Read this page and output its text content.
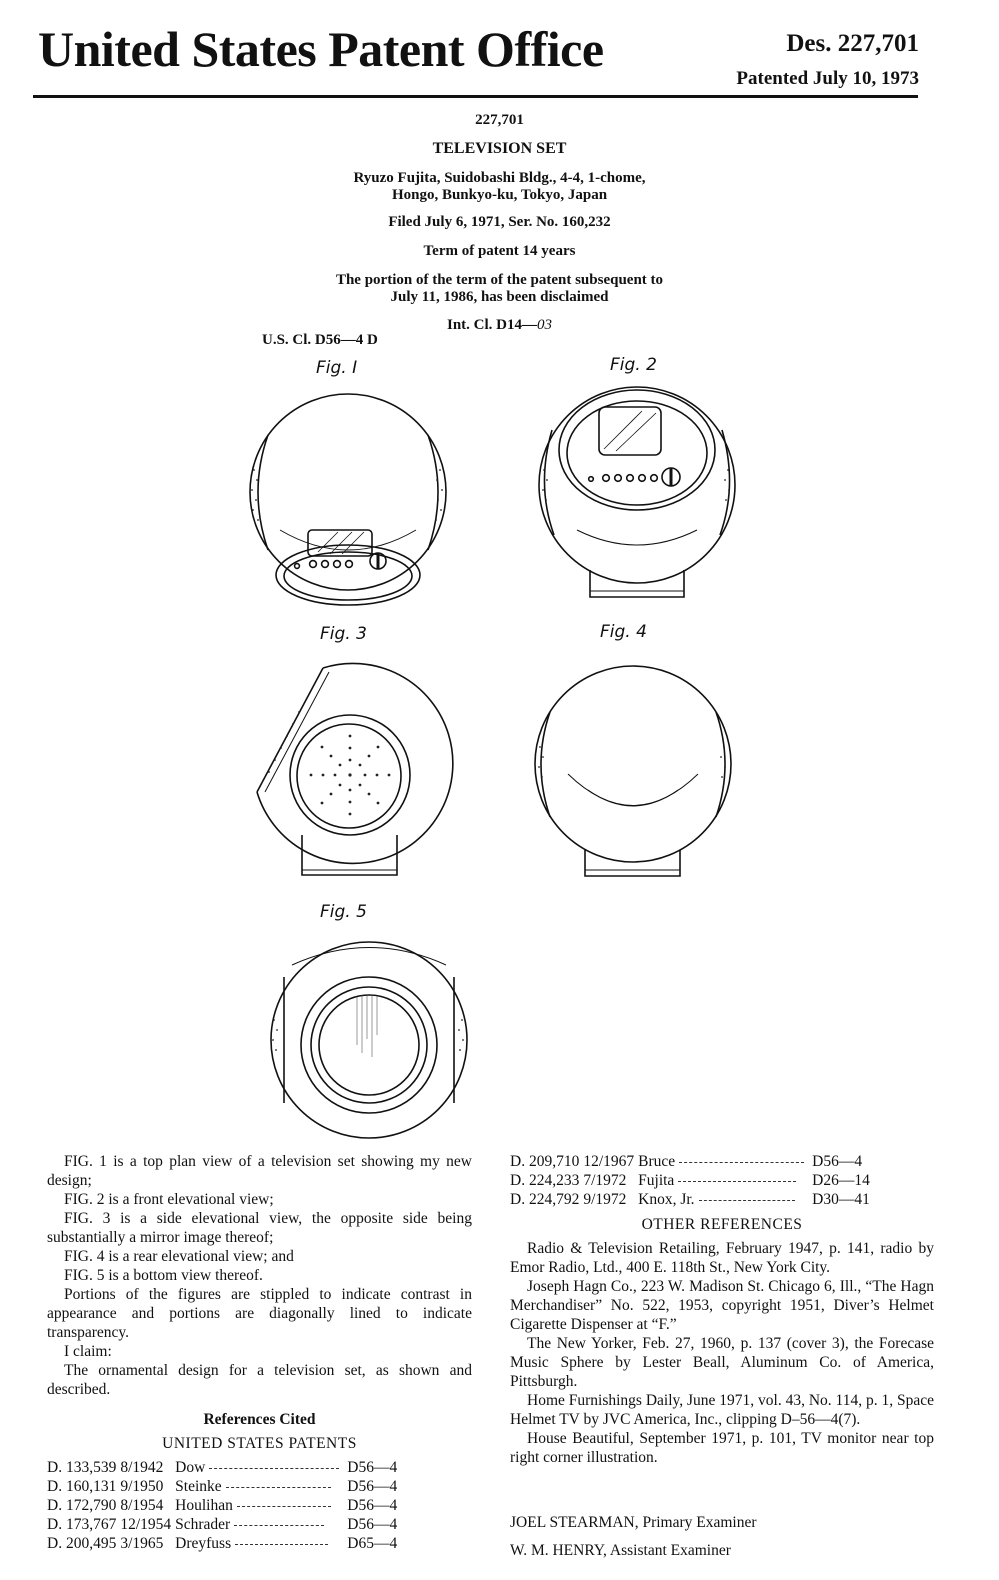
United States Patent Office	Des. 227,701
Patented July 10, 1973
227,701
TELEVISION SET
Ryuzo Fujita, Suidobashi Bldg., 4-4, 1-chome,
Hongo, Bunkyo-ku, Tokyo, Japan
Filed July 6, 1971, Ser. No. 160,232
Term of patent 14 years
The portion of the term of the patent subsequent to
July 11, 1986, has been disclaimed
Int. Cl. D14—03
U.S. Cl. D56—4 D
Fig. I	Fig. 2
Fig. 3	Fig. 4
Fig. 5

FIG. 1 is a top plan view of a television set showing my new design;

FIG. 2 is a front elevational view;

FIG. 3 is a side elevational view, the opposite side being substantially a mirror image thereof;

FIG. 4 is a rear elevational view; and

FIG. 5 is a bottom view thereof.

Portions of the figures are stippled to indicate contrast in appearance and portions are diagonally lined to indicate transparency.

I claim:

The ornamental design for a television set, as shown and described.

References Cited
UNITED STATES PATENTS
D. 133,539	8/1942	Dow	D56—4
D. 160,131	9/1950	Steinke	D56—4
D. 172,790	8/1954	Houlihan	D56—4
D. 173,767	12/1954	Schrader	D56—4
D. 200,495	3/1965	Dreyfuss	D65—4
D. 209,710	12/1967	Bruce	D56—4
D. 224,233	7/1972	Fujita	D26—14
D. 224,792	9/1972	Knox, Jr.	D30—41
OTHER REFERENCES

Radio & Television Retailing, February 1947, p. 141, radio by Emor Radio, Ltd., 400 E. 118th St., New York City.

Joseph Hagn Co., 223 W. Madison St. Chicago 6, Ill., “The Hagn Merchandiser” No. 522, 1953, copyright 1951, Diver’s Helmet Cigarette Dispenser at “F.”

The New Yorker, Feb. 27, 1960, p. 137 (cover 3), the Forecase Music Sphere by Lester Beall, Aluminum Co. of America, Pittsburgh.

Home Furnishings Daily, June 1971, vol. 43, No. 114, p. 1, Space Helmet TV by JVC America, Inc., clipping D–56—4(7).

House Beautiful, September 1971, p. 101, TV monitor near top right corner illustration.

JOEL STEARMAN, Primary Examiner
W. M. HENRY, Assistant Examiner
